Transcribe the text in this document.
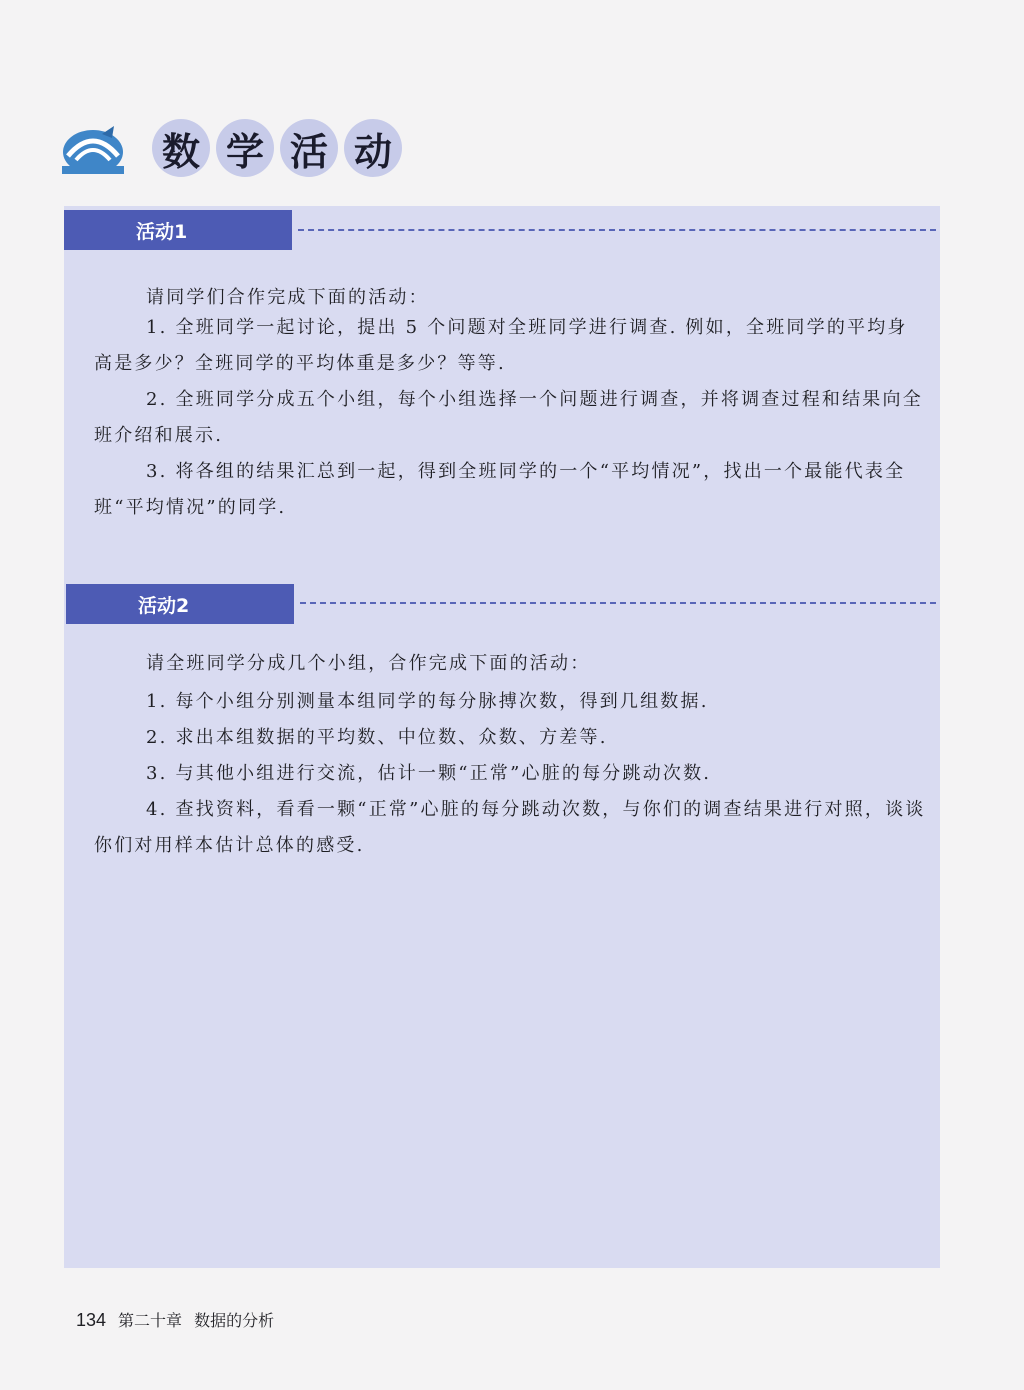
数 学 活 动
活动1

请同学们合作完成下面的活动：

1. 全班同学一起讨论，提出 5 个问题对全班同学进行调查. 例如，全班同学的平均身高是多少？全班同学的平均体重是多少？等等.

2. 全班同学分成五个小组，每个小组选择一个问题进行调查，并将调查过程和结果向全班介绍和展示.

3. 将各组的结果汇总到一起，得到全班同学的一个“平均情况”，找出一个最能代表全班“平均情况”的同学.

活动2

请全班同学分成几个小组，合作完成下面的活动：

1. 每个小组分别测量本组同学的每分脉搏次数，得到几组数据.

2. 求出本组数据的平均数、中位数、众数、方差等.

3. 与其他小组进行交流，估计一颗“正常”心脏的每分跳动次数.

4. 查找资料，看看一颗“正常”心脏的每分跳动次数，与你们的调查结果进行对照，谈谈你们对用样本估计总体的感受.

134 第二十章 数据的分析
